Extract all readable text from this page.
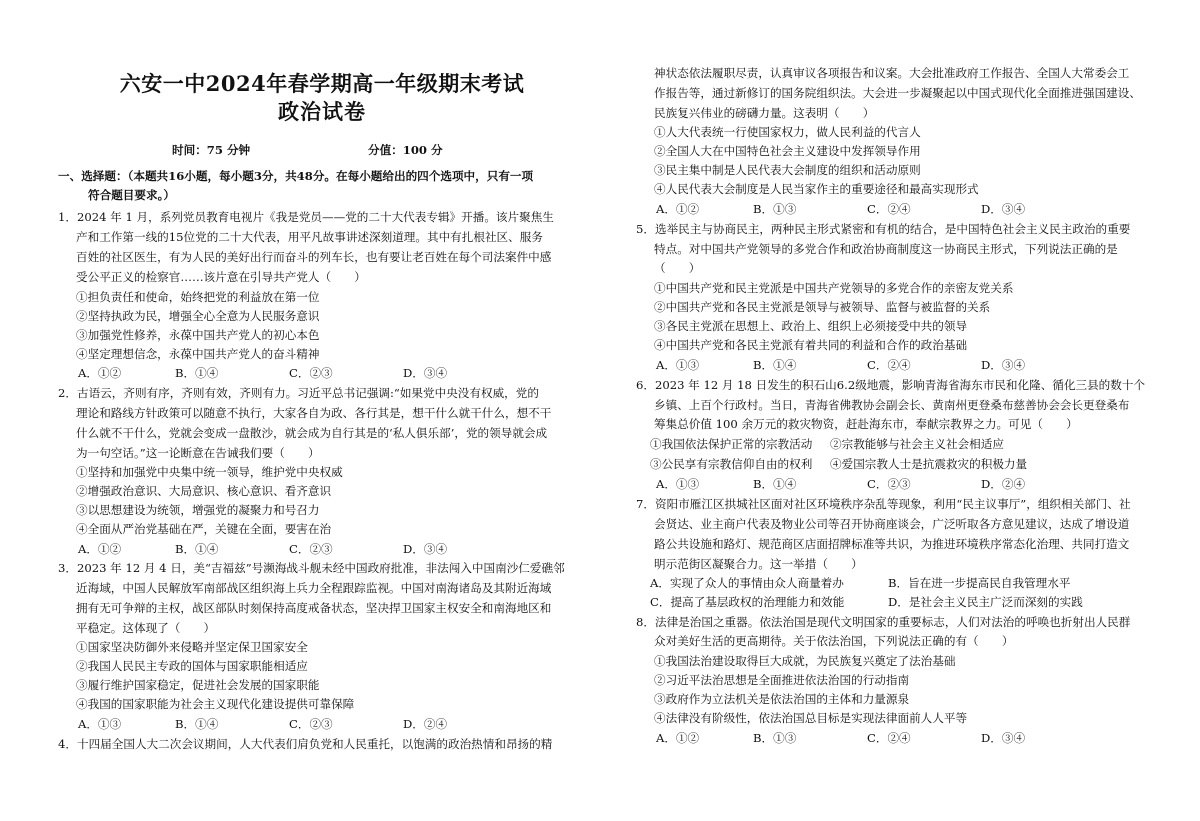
六安一中2024年春学期高一年级期末考试
政治试卷
时间：75 分钟	分值：100 分
一、选择题：（本题共16小题，每小题3分，共48分。在每小题给出的四个选项中，只有一项
符合题目要求。）
1．2024 年 1 月，系列党员教育电视片《我是党员——党的二十大代表专辑》开播。该片聚焦生
产和工作第一线的15位党的二十大代表，用平凡故事讲述深刻道理。其中有扎根社区、服务
百姓的社区医生，有为人民的美好出行而奋斗的列车长，也有要让老百姓在每个司法案件中感
受公平正义的检察官……该片意在引导共产党人（　　）
①担负责任和使命，始终把党的利益放在第一位
②坚持执政为民，增强全心全意为人民服务意识
③加强党性修养，永葆中国共产党人的初心本色
④坚定理想信念，永葆中国共产党人的奋斗精神
A．①②	B．①④	C．②③	D．③④
2．古语云，齐则有序，齐则有效，齐则有力。习近平总书记强调:“如果党中央没有权威，党的
理论和路线方针政策可以随意不执行，大家各自为政、各行其是，想干什么就干什么，想不干
什么就不干什么，党就会变成一盘散沙，就会成为自行其是的‘私人俱乐部’，党的领导就会成
为一句空话。”这一论断意在告诫我们要（　　）
①坚持和加强党中央集中统一领导，维护党中央权威
②增强政治意识、大局意识、核心意识、看齐意识
③以思想建设为统领，增强党的凝聚力和号召力
④全面从严治党基础在严，关键在全面，要害在治
A．①②	B．①④	C．②③	D．③④
3．2023 年 12 月 4 日，美“吉福兹”号濒海战斗舰未经中国政府批准，非法闯入中国南沙仁爱礁邻
近海域，中国人民解放军南部战区组织海上兵力全程跟踪监视。中国对南海诸岛及其附近海域
拥有无可争辩的主权，战区部队时刻保持高度戒备状态，坚决捍卫国家主权安全和南海地区和
平稳定。这体现了（　　）
①国家坚决防御外来侵略并坚定保卫国家安全
②我国人民民主专政的国体与国家职能相适应
③履行维护国家稳定，促进社会发展的国家职能
④我国的国家职能为社会主义现代化建设提供可靠保障
A．①③	B．①④	C．②③	D．②④
4．十四届全国人大二次会议期间，人大代表们肩负党和人民重托，以饱满的政治热情和昂扬的精
神状态依法履职尽责，认真审议各项报告和议案。大会批准政府工作报告、全国人大常委会工
作报告等，通过新修订的国务院组织法。大会进一步凝聚起以中国式现代化全面推进强国建设、
民族复兴伟业的磅礴力量。这表明（　　）
①人大代表统一行使国家权力，做人民利益的代言人
②全国人大在中国特色社会主义建设中发挥领导作用
③民主集中制是人民代表大会制度的组织和活动原则
④人民代表大会制度是人民当家作主的重要途径和最高实现形式
A．①②	B．①③	C．②④	D．③④
5．选举民主与协商民主，两种民主形式紧密和有机的结合，是中国特色社会主义民主政治的重要
特点。对中国共产党领导的多党合作和政治协商制度这一协商民主形式，下列说法正确的是
（　　）
①中国共产党和民主党派是中国共产党领导的多党合作的亲密友党关系
②中国共产党和各民主党派是领导与被领导、监督与被监督的关系
③各民主党派在思想上、政治上、组织上必须接受中共的领导
④中国共产党和各民主党派有着共同的利益和合作的政治基础
A．①③	B．①④	C．②④	D．③④
6．2023 年 12 月 18 日发生的积石山6.2级地震，影响青海省海东市民和化隆、循化三县的数十个
乡镇、上百个行政村。当日，青海省佛教协会副会长、黄南州更登桑布慈善协会会长更登桑布
筹集总价值 100 余万元的救灾物资，赶赴海东市，奉献宗教界之力。可见（　　）
①我国依法保护正常的宗教活动 ②宗教能够与社会主义社会相适应
③公民享有宗教信仰自由的权利 ④爱国宗教人士是抗震救灾的积极力量
A．①③	B．①④	C．②③	D．②④
7．资阳市雁江区拱城社区面对社区环境秩序杂乱等现象，利用“民主议事厅”，组织相关部门、社
会贤达、业主商户代表及物业公司等召开协商座谈会，广泛听取各方意见建议，达成了增设道
路公共设施和路灯、规范商区店面招牌标准等共识，为推进环境秩序常态化治理、共同打造文
明示范街区凝聚合力。这一举措（　　）
A．实现了众人的事情由众人商量着办	B．旨在进一步提高民自我管理水平
C．提高了基层政权的治理能力和效能	D．是社会主义民主广泛而深刻的实践
8．法律是治国之重器。依法治国是现代文明国家的重要标志，人们对法治的呼唤也折射出人民群
众对美好生活的更高期待。关于依法治国，下列说法正确的有（　　）
①我国法治建设取得巨大成就，为民族复兴奠定了法治基础
②习近平法治思想是全面推进依法治国的行动指南
③政府作为立法机关是依法治国的主体和力量源泉
④法律没有阶级性，依法治国总目标是实现法律面前人人平等
A．①②	B．①③	C．②④	D．③④
